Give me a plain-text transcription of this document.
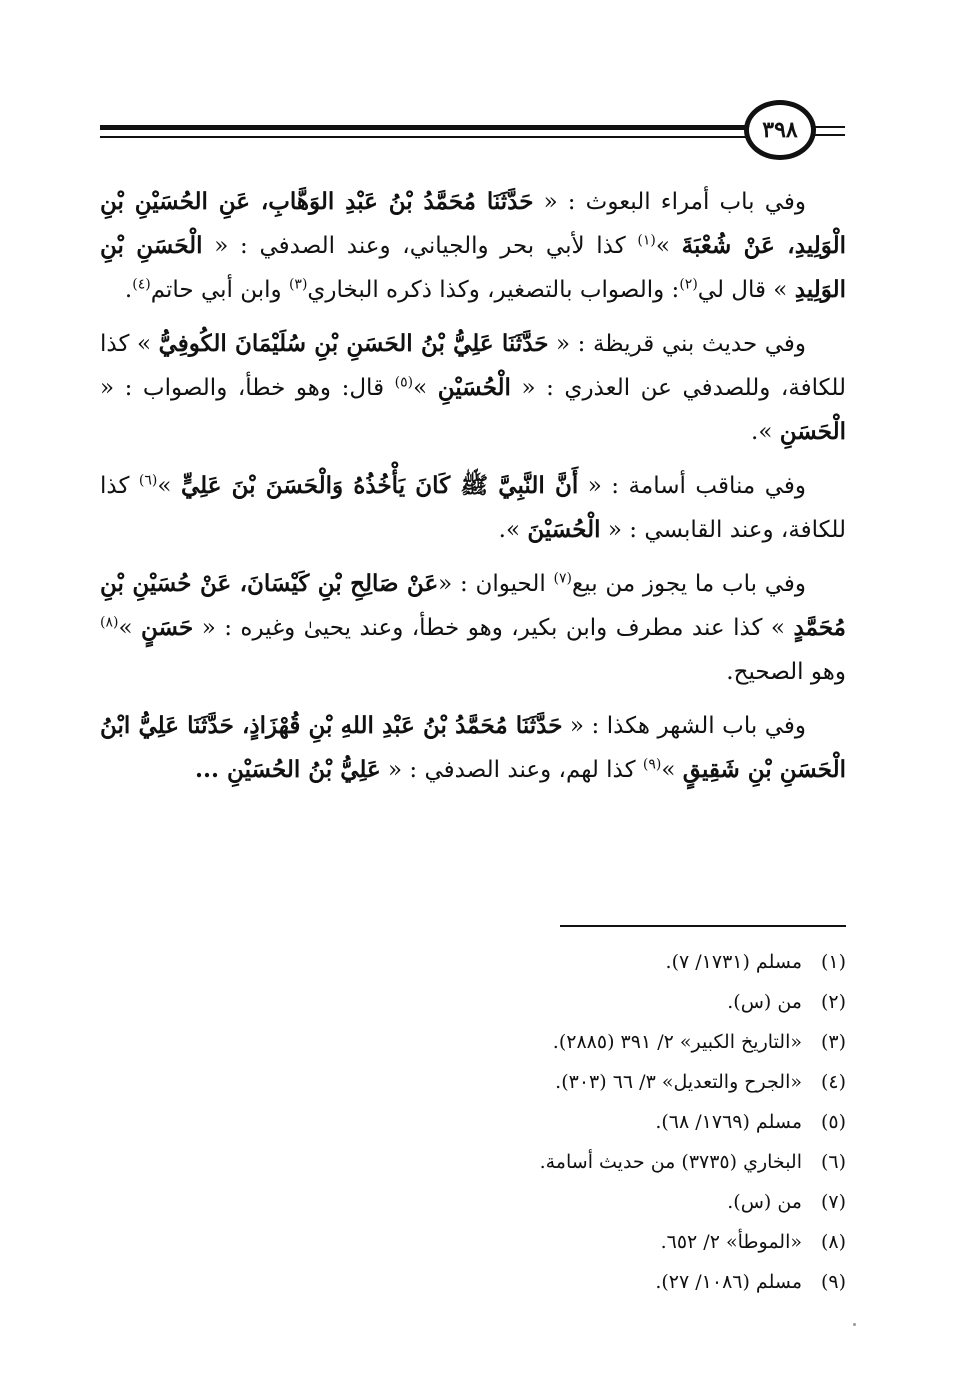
٣٩٨

وفي باب أمراء البعوث : « حَدَّثَنَا مُحَمَّدُ بْنُ عَبْدِ الوَهَّابِ، عَنِ الحُسَيْنِ بْنِ الْوَلِيدِ، عَنْ شُعْبَةَ »$^{(١)}$ كذا لأبي بحر والجياني، وعند الصدفي : « الْحَسَنِ بْنِ الوَلِيدِ » قال لي$^{(٢)}$: والصواب بالتصغير، وكذا ذكره البخاري$^{(٣)}$ وابن أبي حاتم$^{(٤)}$.

وفي حديث بني قريظة : « حَدَّثَنَا عَلِيُّ بْنُ الحَسَنِ بْنِ سُلَيْمَانَ الكُوفِيُّ » كذا للكافة، وللصدفي عن العذري : « الْحُسَيْنِ »$^{(٥)}$ قال: وهو خطأ، والصواب : « الْحَسَنِ ».

وفي مناقب أسامة : « أَنَّ النَّبِيَّ ﷺ كَانَ يَأْخُذُهُ وَالْحَسَنَ بْنَ عَلِيٍّ »$^{(٦)}$ كذا للكافة، وعند القابسي : « الْحُسَيْنَ ».

وفي باب ما يجوز من بيع$^{(٧)}$ الحيوان : «عَنْ صَالِحِ بْنِ كَيْسَانَ، عَنْ حُسَيْنِ بْنِ مُحَمَّدٍ » كذا عند مطرف وابن بكير، وهو خطأ، وعند يحيىٰ وغيره : « حَسَنٍ »$^{(٨)}$ وهو الصحيح.

وفي باب الشهر هكذا : « حَدَّثَنَا مُحَمَّدُ بْنُ عَبْدِ اللهِ بْنِ قُهْزَاذٍ، حَدَّثَنَا عَلِيُّ ابْنُ الْحَسَنِ بْنِ شَقِيقٍ »$^{(٩)}$ كذا لهم، وعند الصدفي : « عَلِيُّ بْنُ الحُسَيْنِ ...

(١)
مسلم (١٧٣١/ ٧).
(٢)
من (س).
(٣)
«التاريخ الكبير» ٢/ ٣٩١ (٢٨٨٥).
(٤)
«الجرح والتعديل» ٣/ ٦٦ (٣٠٣).
(٥)
مسلم (١٧٦٩/ ٦٨).
(٦)
البخاري (٣٧٣٥) من حديث أسامة.
(٧)
من (س).
(٨)
«الموطأ» ٢/ ٦٥٢.
(٩)
مسلم (١٠٨٦/ ٢٧).
